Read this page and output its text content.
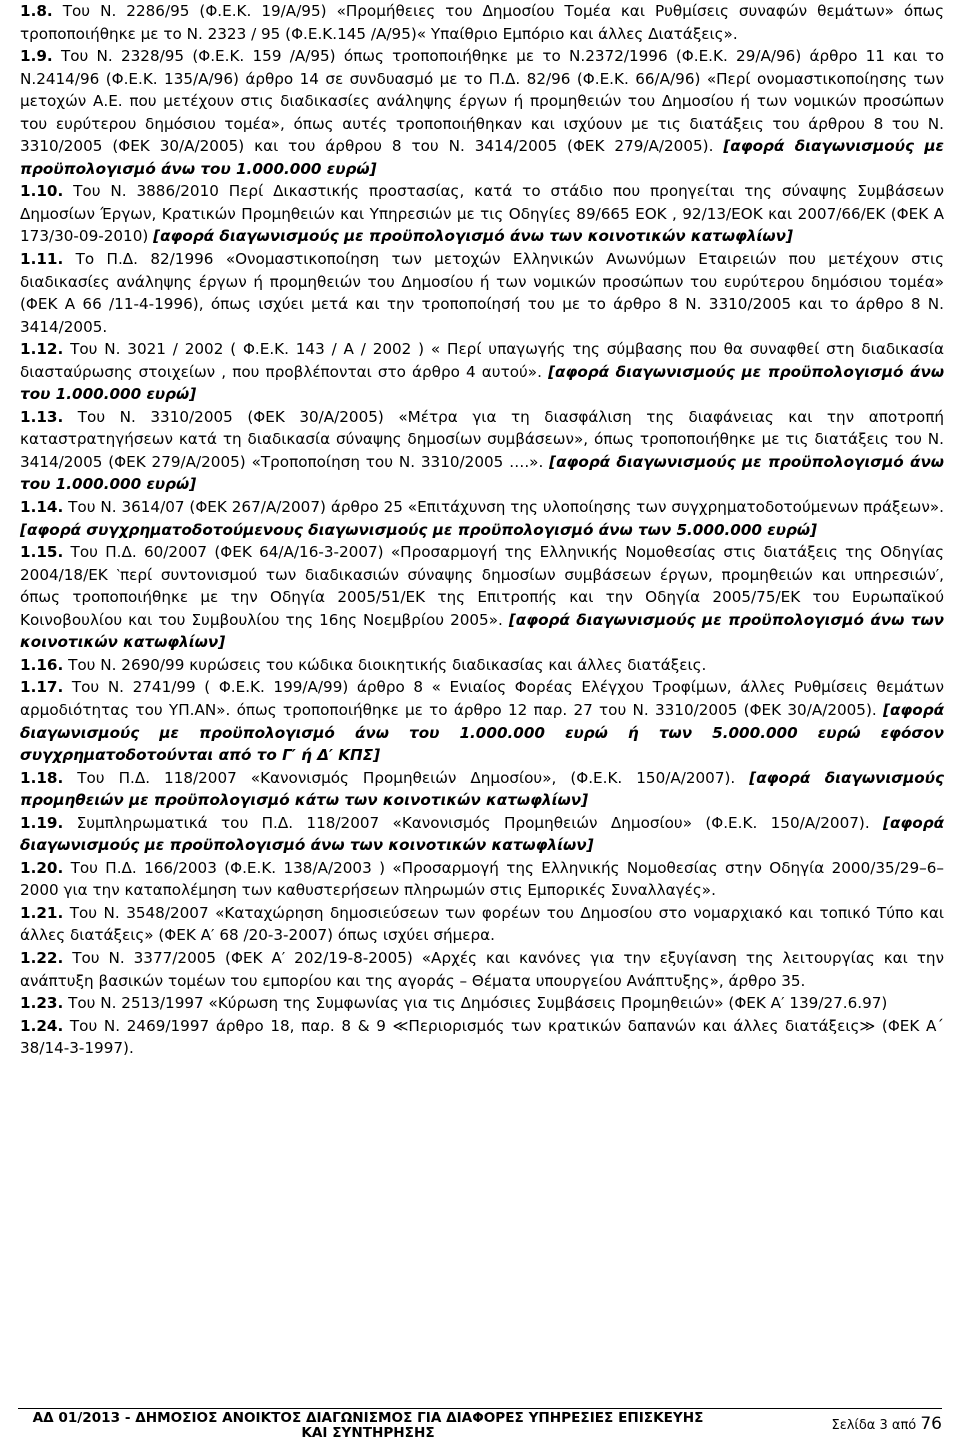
1.8. Του Ν. 2286/95 (Φ.Ε.Κ. 19/Α/95) «Προμήθειες του Δημοσίου Τομέα και Ρυθμίσεις συναφών θεμάτων» όπως τροποποιήθηκε με το Ν. 2323 / 95 (Φ.Ε.Κ.145 /Α/95)« Υπαίθριο Εμπόριο και άλλες Διατάξεις».

1.9. Του Ν. 2328/95 (Φ.Ε.Κ. 159 /Α/95) όπως τροποποιήθηκε με το Ν.2372/1996 (Φ.Ε.Κ. 29/Α/96) άρθρο 11 και το Ν.2414/96 (Φ.Ε.Κ. 135/Α/96) άρθρο 14 σε συνδυασμό με το Π.Δ. 82/96 (Φ.Ε.Κ. 66/Α/96) «Περί ονομαστικοποίησης των μετοχών Α.Ε. που μετέχουν στις διαδικασίες ανάληψης έργων ή προμηθειών του Δημοσίου ή των νομικών προσώπων του ευρύτερου δημόσιου τομέα», όπως αυτές τροποποιήθηκαν και ισχύουν με τις διατάξεις του άρθρου 8 του Ν. 3310/2005 (ΦΕΚ 30/Α/2005) και του άρθρου 8 του Ν. 3414/2005 (ΦΕΚ 279/Α/2005). [αφορά διαγωνισμούς με προϋπολογισμό άνω του 1.000.000 ευρώ]

1.10. Του Ν. 3886/2010 Περί Δικαστικής προστασίας, κατά το στάδιο που προηγείται της σύναψης Συμβάσεων Δημοσίων Έργων, Κρατικών Προμηθειών και Υπηρεσιών με τις Οδηγίες 89/665 ΕΟΚ , 92/13/ΕΟΚ και 2007/66/ΕΚ (ΦΕΚ Α 173/30-09-2010) [αφορά διαγωνισμούς με προϋπολογισμό άνω των κοινοτικών κατωφλίων]

1.11. Το Π.Δ. 82/1996 «Ονομαστικοποίηση των μετοχών Ελληνικών Ανωνύμων Εταιρειών που μετέχουν στις διαδικασίες ανάληψης έργων ή προμηθειών του Δημοσίου ή των νομικών προσώπων του ευρύτερου δημόσιου τομέα» (ΦΕΚ Α 66 /11-4-1996), όπως ισχύει μετά και την τροποποίησή του με το άρθρο 8 Ν. 3310/2005 και το άρθρο 8 Ν. 3414/2005.

1.12. Του Ν. 3021 / 2002 ( Φ.Ε.Κ. 143 / Α / 2002 ) « Περί υπαγωγής της σύμβασης που θα συναφθεί στη διαδικασία διασταύρωσης στοιχείων , που προβλέπονται στο άρθρο 4 αυτού». [αφορά διαγωνισμούς με προϋπολογισμό άνω του 1.000.000 ευρώ]

1.13. Του Ν. 3310/2005 (ΦΕΚ 30/Α/2005) «Μέτρα για τη διασφάλιση της διαφάνειας και την αποτροπή καταστρατηγήσεων κατά τη διαδικασία σύναψης δημοσίων συμβάσεων», όπως τροποποιήθηκε με τις διατάξεις του Ν. 3414/2005 (ΦΕΚ 279/Α/2005) «Τροποποίηση του Ν. 3310/2005 ….». [αφορά διαγωνισμούς με προϋπολογισμό άνω του 1.000.000 ευρώ]

1.14. Του Ν. 3614/07 (ΦΕΚ 267/Α/2007) άρθρο 25 «Επιτάχυνση της υλοποίησης των συγχρηματοδοτούμενων πράξεων». [αφορά συγχρηματοδοτούμενους διαγωνισμούς με προϋπολογισμό άνω των 5.000.000 ευρώ]

1.15. Του Π.Δ. 60/2007 (ΦΕΚ 64/Α/16-3-2007) «Προσαρμογή της Ελληνικής Νομοθεσίας στις διατάξεις της Οδηγίας 2004/18/ΕΚ ‵περί συντονισμού των διαδικασιών σύναψης δημοσίων συμβάσεων έργων, προμηθειών και υπηρεσιών′, όπως τροποποιήθηκε με την Οδηγία 2005/51/ΕΚ της Επιτροπής και την Οδηγία 2005/75/ΕΚ του Ευρωπαϊκού Κοινοβουλίου και του Συμβουλίου της 16ης Νοεμβρίου 2005». [αφορά διαγωνισμούς με προϋπολογισμό άνω των κοινοτικών κατωφλίων]

1.16. Του Ν. 2690/99 κυρώσεις του κώδικα διοικητικής διαδικασίας και άλλες διατάξεις.

1.17. Του Ν. 2741/99 ( Φ.Ε.Κ. 199/Α/99) άρθρο 8 « Ενιαίος Φορέας Ελέγχου Τροφίμων, άλλες Ρυθμίσεις θεμάτων αρμοδιότητας του ΥΠ.ΑΝ». όπως τροποποιήθηκε με το άρθρο 12 παρ. 27 του Ν. 3310/2005 (ΦΕΚ 30/Α/2005). [αφορά διαγωνισμούς με προϋπολογισμό άνω του 1.000.000 ευρώ ή των 5.000.000 ευρώ εφόσον συγχρηματοδοτούνται από το Γ′ ή Δ′ ΚΠΣ]

1.18. Του Π.Δ. 118/2007 «Κανονισμός Προμηθειών Δημοσίου», (Φ.Ε.Κ. 150/Α/2007). [αφορά διαγωνισμούς προμηθειών με προϋπολογισμό κάτω των κοινοτικών κατωφλίων]

1.19. Συμπληρωματικά του Π.Δ. 118/2007 «Κανονισμός Προμηθειών Δημοσίου» (Φ.Ε.Κ. 150/Α/2007). [αφορά διαγωνισμούς με προϋπολογισμό άνω των κοινοτικών κατωφλίων]

1.20. Του Π.Δ. 166/2003 (Φ.Ε.Κ. 138/Α/2003 ) «Προσαρμογή της Ελληνικής Νομοθεσίας στην Οδηγία 2000/35/29–6–2000 για την καταπολέμηση των καθυστερήσεων πληρωμών στις Εμπορικές Συναλλαγές».

1.21. Του Ν. 3548/2007 «Καταχώρηση δημοσιεύσεων των φορέων του Δημοσίου στο νομαρχιακό και τοπικό Τύπο και άλλες διατάξεις» (ΦΕΚ Α′ 68 /20-3-2007) όπως ισχύει σήμερα.

1.22. Του Ν. 3377/2005 (ΦΕΚ Α′ 202/19-8-2005) «Αρχές και κανόνες για την εξυγίανση της λειτουργίας και την ανάπτυξη βασικών τομέων του εμπορίου και της αγοράς – Θέματα υπουργείου Ανάπτυξης», άρθρο 35.

1.23. Του Ν. 2513/1997 «Κύρωση της Συμφωνίας για τις Δημόσιες Συμβάσεις Προμηθειών» (ΦΕΚ Α′ 139/27.6.97)

1.24. Του Ν. 2469/1997 άρθρο 18, παρ. 8 & 9 ≪Περιορισμός των κρατικών δαπανών και άλλες διατάξεις≫ (ΦΕΚ Α΄ 38/14-3-1997).

ΑΔ 01/2013 - ΔΗΜΟΣΙΟΣ ΑΝΟΙΚΤΟΣ ΔΙΑΓΩΝΙΣΜΟΣ ΓΙΑ ΔΙΑΦΟΡΕΣ ΥΠΗΡΕΣΙΕΣ ΕΠΙΣΚΕΥΗΣ ΚΑΙ ΣΥΝΤΗΡΗΣΗΣ	Σελίδα 3 από 76
